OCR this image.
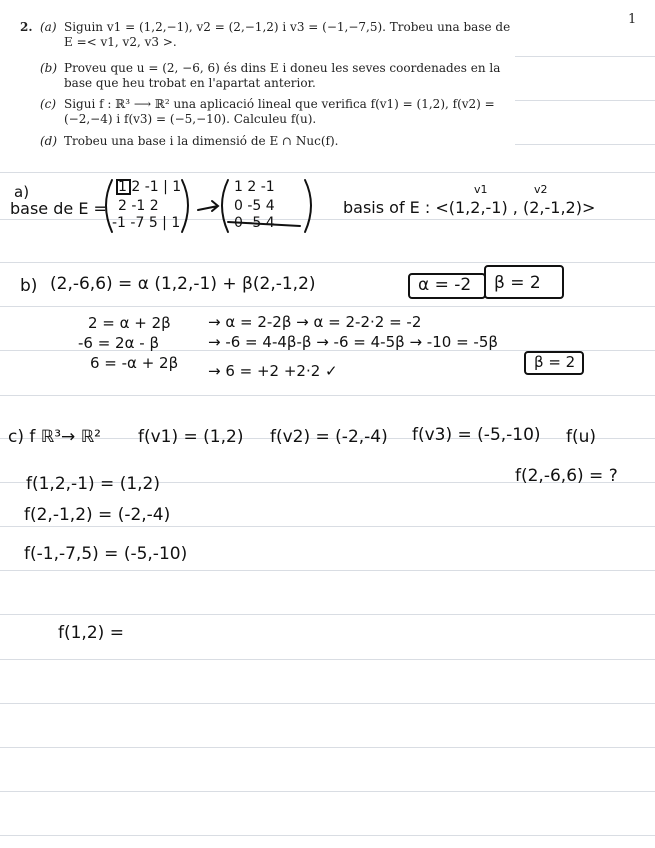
1
2. (a) Siguin v1 = (1,2,−1), v2 = (2,−1,2) i v3 = (−1,−7,5). Trobeu una base de E =< v1, v2, v3 >.
(b) Proveu que u = (2, −6, 6) és dins E i doneu les seves coordenades en la base que heu trobat en l'apartat anterior.
(c) Sigui f : ℝ³ ⟶ ℝ² una aplicació lineal que verifica f(v1) = (1,2), f(v2) = (−2,−4) i f(v3) = (−5,−10). Calculeu f(u).
(d) Trobeu una base i la dimensió de E ∩ Nuc(f).
a)
base de E =
1 2 -1 | 1
2 -1 2
-1 -7 5 | 1
1 2 -1
0 -5 4
0 -5 4
v1	v2
basis of E : <(1,2,-1) , (2,-1,2)>
b) (2,-6,6) = α (1,2,-1) + β(2,-1,2)	α = -2 β = 2
2 = α + 2β
-6 = 2α - β
6 = -α + 2β
→ α = 2-2β → α = 2-2·2 = -2
→ -6 = 4-4β-β → -6 = 4-5β → -10 = -5β
→ 6 = +2 +2·2 ✓	β = 2
c) f ℝ³→ ℝ² f(v1) = (1,2) f(v2) = (-2,-4) f(v3) = (-5,-10) f(u)
f(2,-6,6) = ?
f(1,2,-1) = (1,2)
f(2,-1,2) = (-2,-4)
f(-1,-7,5) = (-5,-10)
f(1,2) =
